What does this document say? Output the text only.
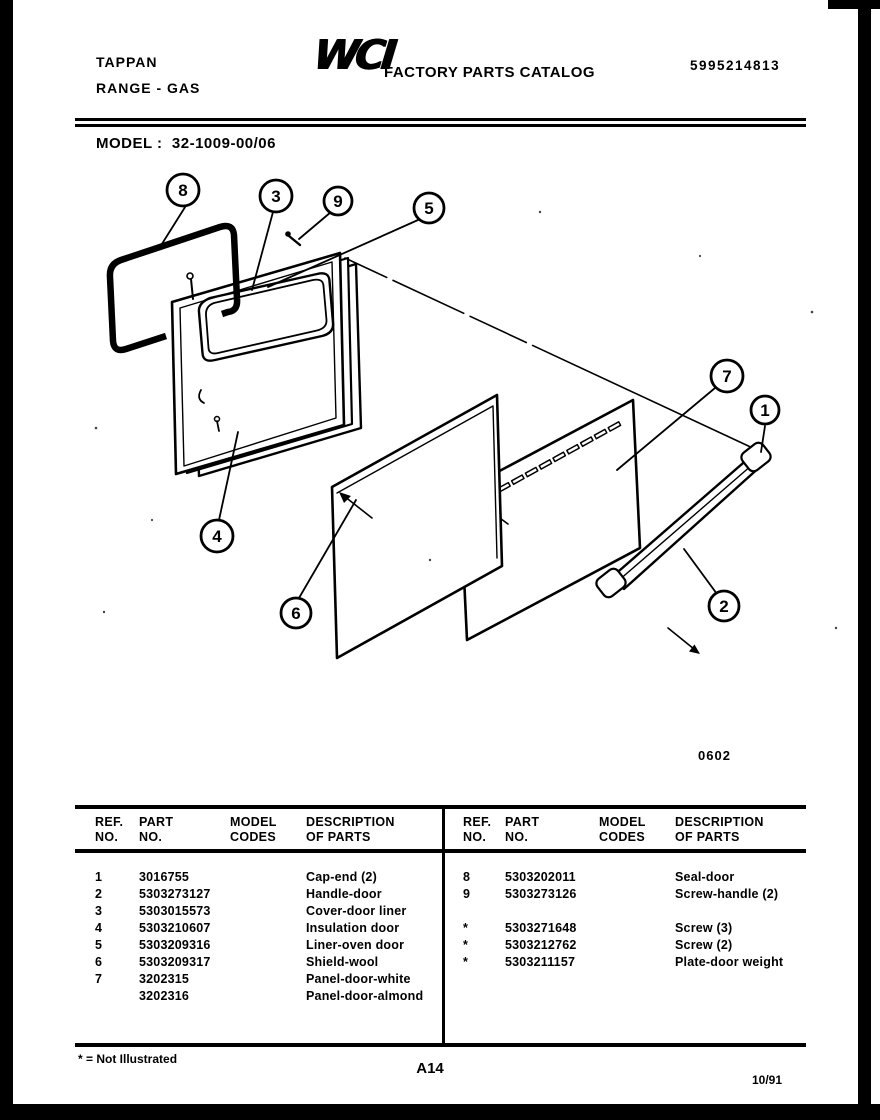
TAPPAN
RANGE - GAS
WCI
FACTORY PARTS CATALOG	5995214813
MODEL : 32-1009-00/06
8	3	9	5
7
1
4
6	2
0602
REF.
NO.
PART
NO.
MODEL
CODES
DESCRIPTION
OF PARTS
1	3016755	Cap-end (2)
2	5303273127	Handle-door
3	5303015573	Cover-door liner
4	5303210607	Insulation door
5	5303209316	Liner-oven door
6	5303209317	Shield-wool
7	3202315	Panel-door-white
3202316	Panel-door-almond
REF.
NO.
PART
NO.
MODEL
CODES
DESCRIPTION
OF PARTS
8	5303202011	Seal-door
9	5303273126	Screw-handle (2)
*	5303271648	Screw (3)
*	5303212762	Screw (2)
*	5303211157	Plate-door weight
* = Not Illustrated
A14
10/91
